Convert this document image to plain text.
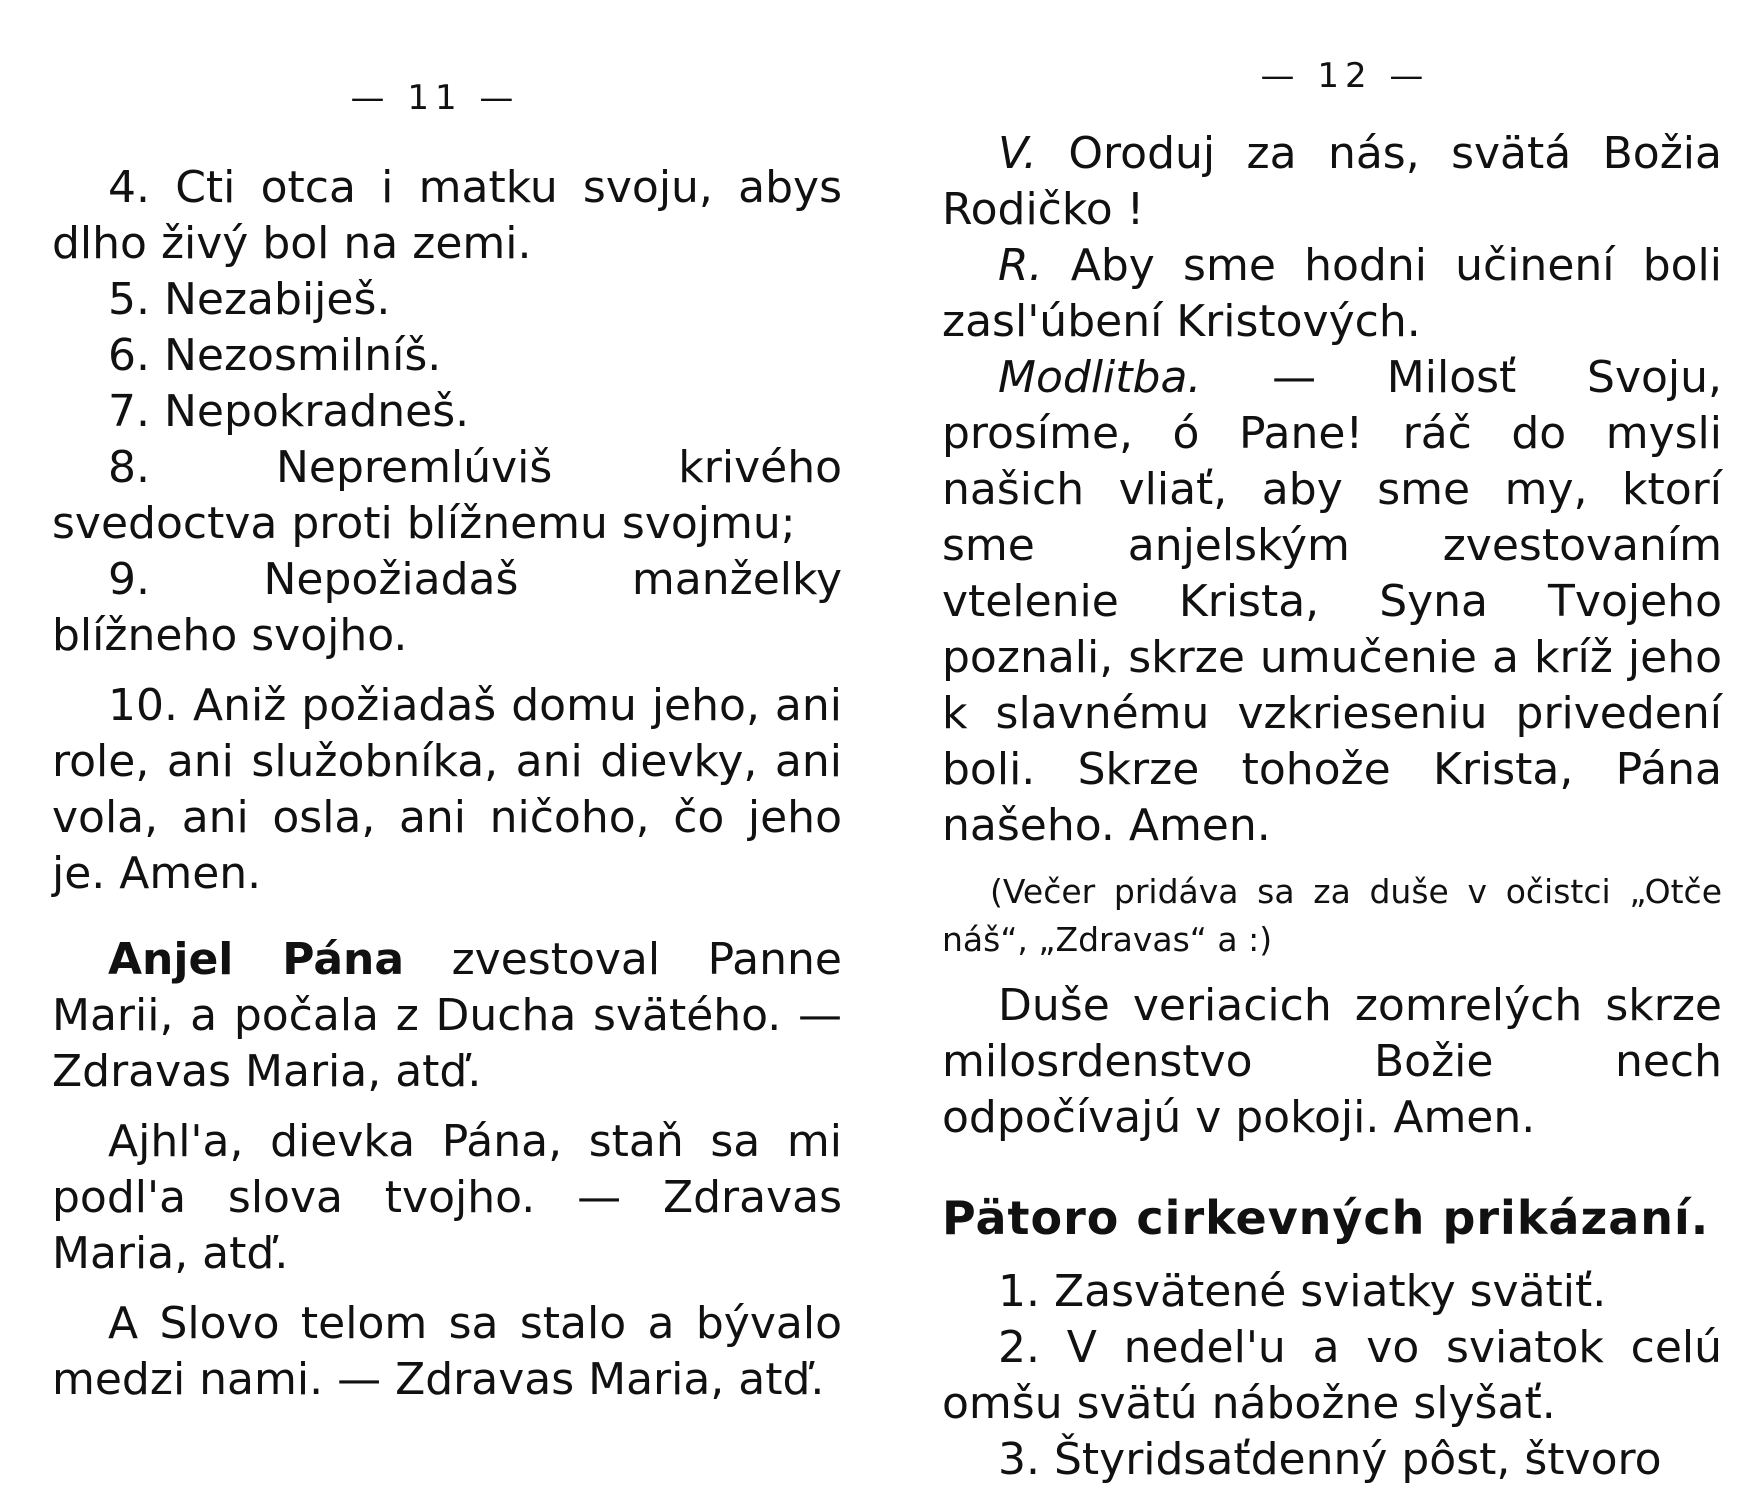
— 11 —
— 12 —

4. Cti otca i matku svoju, abys dlho živý bol na zemi.

5. Nezabiješ.

6. Nezosmilníš.

7. Nepokradneš.

8. Nepremlúviš krivého svedoctva proti blížnemu svojmu;

9. Nepožiadaš manželky blížneho svojho.

10. Aniž požiadaš domu jeho, ani role, ani služobníka, ani dievky, ani vola, ani osla, ani ničoho, čo jeho je. Amen.

Anjel Pána zvestoval Panne Marii, a počala z Ducha svätého. — Zdravas Maria, atď.

Ajhl'a, dievka Pána, staň sa mi podl'a slova tvojho. — Zdravas Maria, atď.

A Slovo telom sa stalo a bývalo medzi nami. — Zdravas Maria, atď.

V. Oroduj za nás, svätá Božia Rodičko !

R. Aby sme hodni učinení boli zasl'úbení Kristových.

Modlitba. — Milosť Svoju, prosíme, ó Pane! ráč do mysli našich vliať, aby sme my, ktorí sme anjelským zvestovaním vtelenie Krista, Syna Tvojeho poznali, skrze umučenie a kríž jeho k slavnému vzkrieseniu privedení boli. Skrze tohože Krista, Pána našeho. Amen.

(Večer pridáva sa za duše v očistci „Otče náš“, „Zdravas“ a :)

Duše veriacich zomrelých skrze milosrdenstvo Božie nech odpočívajú v pokoji. Amen.

Pätoro cirkevných prikázaní.

1. Zasvätené sviatky svätiť.

2. V nedel'u a vo sviatok celú omšu svätú nábožne slyšať.

3. Štyridsaťdenný pôst, štvoro
